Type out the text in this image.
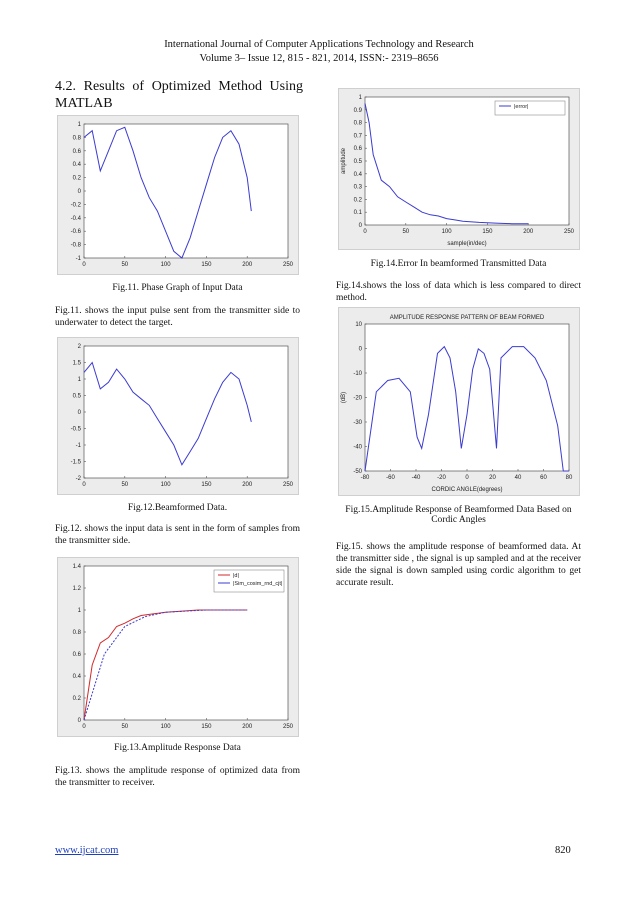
International Journal of Computer Applications Technology and Research
Volume 3– Issue 12, 815 - 821, 2014, ISSN:- 2319–8656
4.2. Results of Optimized Method Using MATLAB
0	50	100	150	200	250
1
0.8
0.6
0.4
0.2
0
-0.2
-0.4
-0.6
-0.8
-1
Fig.11. Phase Graph of Input Data
Fig.11. shows the input pulse sent from the transmitter side to underwater to detect the target.
0	50	100	150	200	250
2
1.5
1
0.5
0
-0.5
-1
-1.5
-2
Fig.12.Beamformed Data.
Fig.12. shows the input data is sent in the form of samples from the transmitter side.
0	50	100	150	200	250
1.4
1.2
1
0.8
0.6
0.4
0.2
0
|d|
|Sim_cosim_rnd_cjt|
Fig.13.Amplitude Response Data
Fig.13. shows the amplitude response of optimized data from the transmitter to receiver.
0	50	100	150	200	250
1
0.9
0.8
0.7
0.6
0.5
0.4
0.3
0.2
0.1
0
sample(in/dec)
amplitude
|error|
Fig.14.Error In beamformed Transmitted Data
Fig.14.shows the loss of data which is less compared to direct method.
AMPLITUDE RESPONSE PATTERN OF BEAM FORMED
-80	-60	-40	-20	0	20	40	60	80
10
0
-10
-20
-30
-40
-50
CORDIC ANGLE(degrees)
(dB)
Fig.15.Amplitude Response of Beamformed Data Based on
Cordic Angles
Fig.15. shows the amplitude response of beamformed data. At the transmitter side , the signal is up sampled and at the receiver side the signal is down sampled using cordic algorithm to get accurate result.
www.ijcat.com	820
